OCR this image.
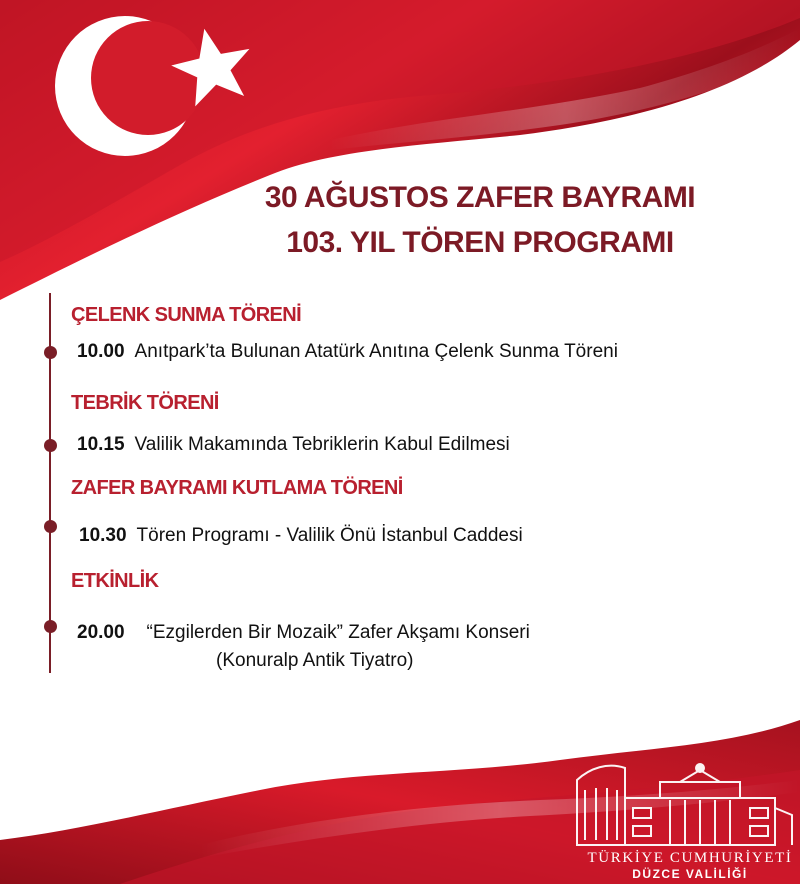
30 AĞUSTOS ZAFER BAYRAMI
103. YIL TÖREN PROGRAMI
ÇELENK SUNMA TÖRENİ
10.00 Anıtpark’ta Bulunan Atatürk Anıtına Çelenk Sunma Töreni
TEBRİK TÖRENİ
10.15 Valilik Makamında Tebriklerin Kabul Edilmesi
ZAFER BAYRAMI KUTLAMA TÖRENİ
10.30 Tören Programı - Valilik Önü İstanbul Caddesi
ETKİNLİK
20.00 “Ezgilerden Bir Mozaik” Zafer Akşamı Konseri
(Konuralp Antik Tiyatro)
TÜRKİYE CUMHURİYETİ
DÜZCE VALİLİĞİ
